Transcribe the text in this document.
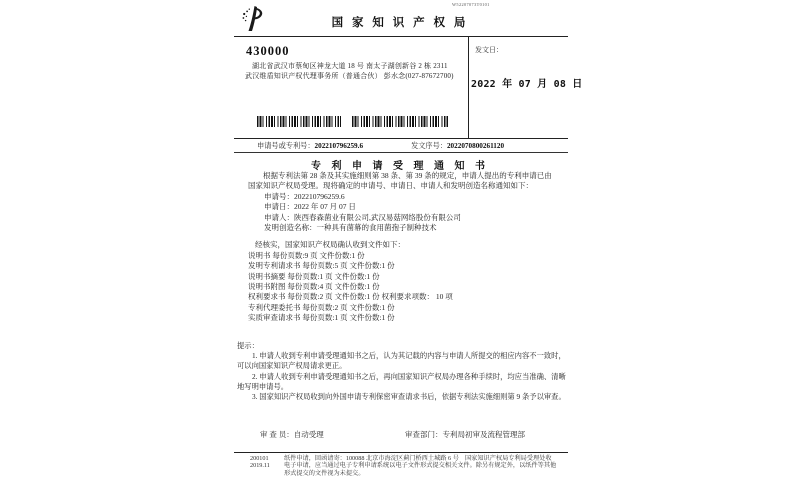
W52207073T0101
国 家 知 识 产 权 局
430000
湖北省武汉市蔡甸区神龙大道 18 号 南太子湖创新谷 2 栋 2311
武汉维盾知识产权代理事务所（普通合伙） 彭水念(027-87672700)
发文日：
2022 年 07 月 08 日
申请号或专利号：202210796259.6	发文序号：2022070800261120
专 利 申 请 受 理 通 知 书
根据专利法第 28 条及其实施细则第 38 条、第 39 条的规定，申请人提出的专利申请已由国家知识产权局受理。现将确定的申请号、申请日、申请人和发明创造名称通知如下：
申请号：202210796259.6
申请日：2022 年 07 月 07 日
申请人：陕西春森菌业有限公司,武汉易菇网络股份有限公司
发明创造名称：一种具有菌幕的食用菌孢子制种技术
经核实，国家知识产权局确认收到文件如下：
说明书 每份页数:9 页 文件份数:1 份
发明专利请求书 每份页数:5 页 文件份数:1 份
说明书摘要 每份页数:1 页 文件份数:1 份
说明书附图 每份页数:4 页 文件份数:1 份
权利要求书 每份页数:2 页 文件份数:1 份 权利要求项数： 10 项
专利代理委托书 每份页数:2 页 文件份数:1 份
实质审查请求书 每份页数:1 页 文件份数:1 份
提示：
1. 申请人收到专利申请受理通知书之后，认为其记载的内容与申请人所提交的相应内容不一致时，可以向国家知识产权局请求更正。
2. 申请人收到专利申请受理通知书之后，再向国家知识产权局办理各种手续时，均应当准确、清晰地写明申请号。
3. 国家知识产权局收到向外国申请专利保密审查请求书后，依据专利法实施细则第 9 条予以审查。
审 查 员：自动受理	审查部门：专利局初审及流程管理部
200101
2019.11
纸件申请，回函请寄：100088 北京市海淀区蓟门桥西土城路 6 号　国家知识产权局专利局受理处收
电子申请，应当通过电子专利申请系统以电子文件形式提交相关文件。除另有规定外，以纸件等其他形式提交的文件视为未提交。
